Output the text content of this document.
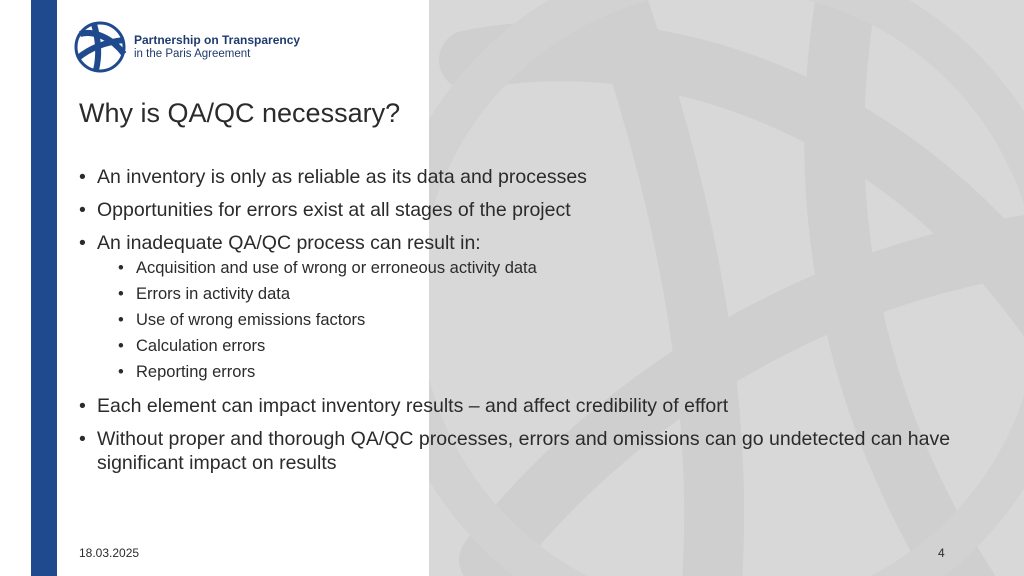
Partnership on Transparency
in the Paris Agreement
Why is QA/QC necessary?
• An inventory is only as reliable as its data and processes
• Opportunities for errors exist at all stages of the project
• An inadequate QA/QC process can result in:
• Acquisition and use of wrong or erroneous activity data
• Errors in activity data
• Use of wrong emissions factors
• Calculation errors
• Reporting errors
• Each element can impact inventory results – and affect credibility of effort
• Without proper and thorough QA/QC processes, errors and omissions can go undetected can have significant impact on results
18.03.2025	4
